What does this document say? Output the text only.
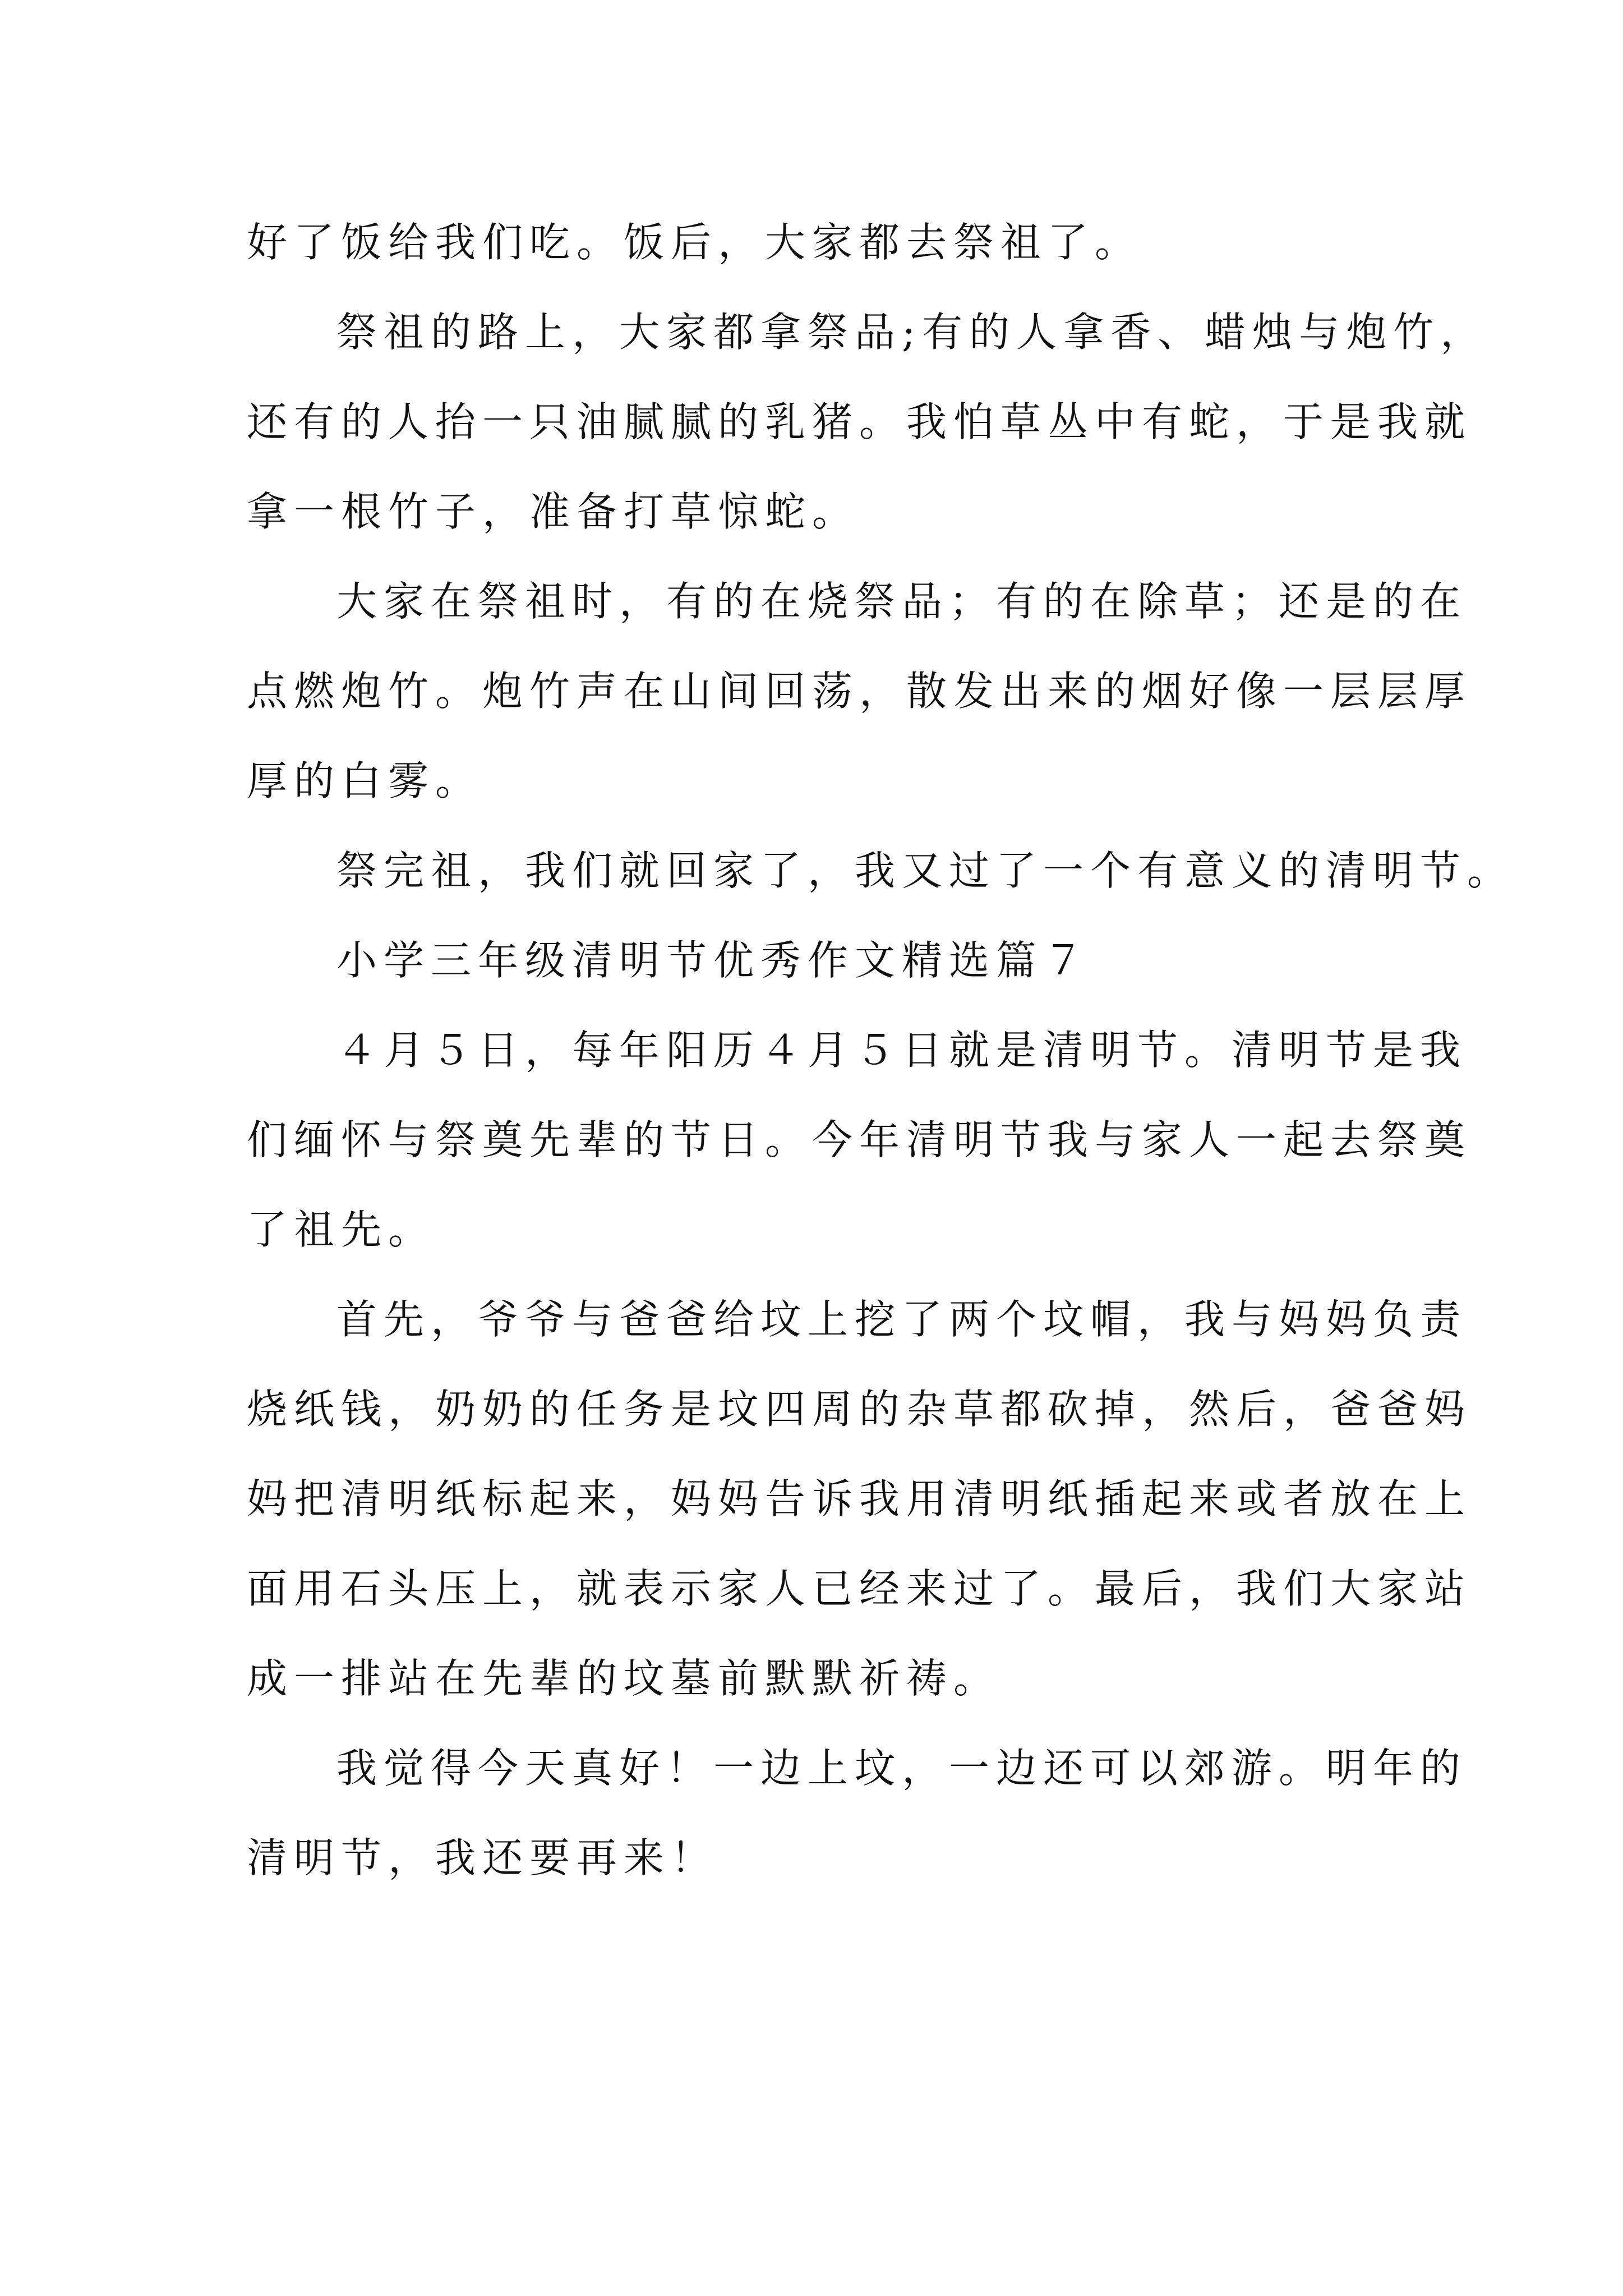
好了饭给我们吃。饭后，大家都去祭祖了。
祭祖的路上，大家都拿祭品;有的人拿香、蜡烛与炮竹，
还有的人抬一只油腻腻的乳猪。我怕草丛中有蛇，于是我就
拿一根竹子，准备打草惊蛇。
大家在祭祖时，有的在烧祭品；有的在除草；还是的在
点燃炮竹。炮竹声在山间回荡，散发出来的烟好像一层层厚
厚的白雾。
祭完祖，我们就回家了，我又过了一个有意义的清明节。
小学三年级清明节优秀作文精选篇７
４月５日，每年阳历４月５日就是清明节。清明节是我
们缅怀与祭奠先辈的节日。今年清明节我与家人一起去祭奠
了祖先。
首先，爷爷与爸爸给坟上挖了两个坟帽，我与妈妈负责
烧纸钱，奶奶的任务是坟四周的杂草都砍掉，然后，爸爸妈
妈把清明纸标起来，妈妈告诉我用清明纸插起来或者放在上
面用石头压上，就表示家人已经来过了。最后，我们大家站
成一排站在先辈的坟墓前默默祈祷。
我觉得今天真好！一边上坟，一边还可以郊游。明年的
清明节，我还要再来！
